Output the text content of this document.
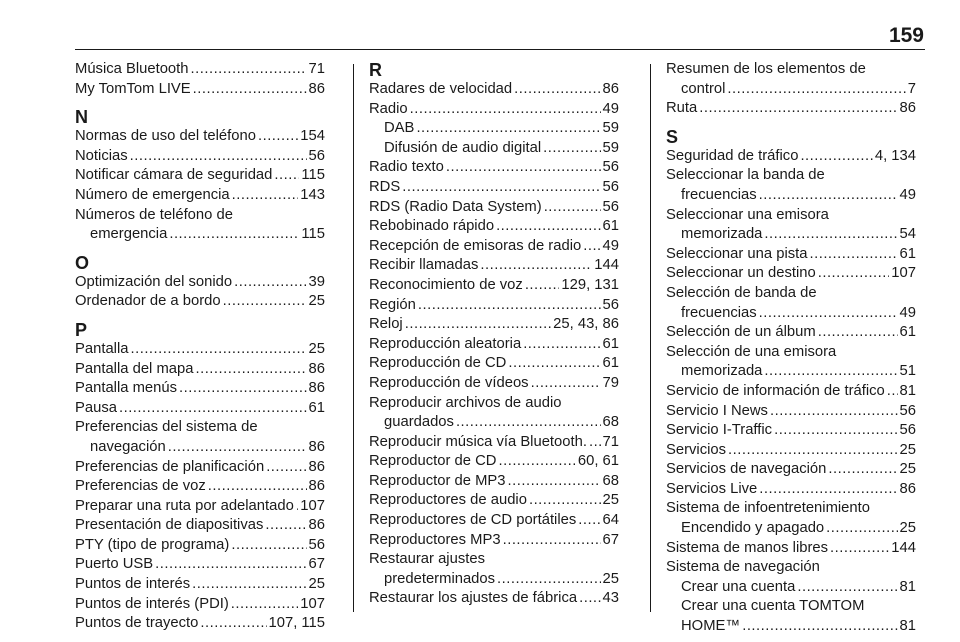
159
Música Bluetooth .....	71
My TomTom LIVE .....	86
N
Normas de uso del teléfono .....	154
Noticias .....	56
Notificar cámara de seguridad ..... 115
Número de emergencia .....	143
Números de teléfono de
emergencia .....	115
O
Optimización del sonido .....	39
Ordenador de a bordo .....	25
P
Pantalla .....	25
Pantalla del mapa .....	86
Pantalla menús .....	86
Pausa .....	61
Preferencias del sistema de
navegación .....	86
Preferencias de planificación .....	86
Preferencias de voz .....	86
Preparar una ruta por adelantado ..... 107
Presentación de diapositivas .....	86
PTY (tipo de programa) .....	56
Puerto USB .....	67
Puntos de interés .....	25
Puntos de interés (PDI) .....	107
Puntos de trayecto .....	107, 115
R
Radares de velocidad .....	86
Radio .....	49
DAB .....	59
Difusión de audio digital .....	59
Radio texto .....	56
RDS .....	56
RDS (Radio Data System) .....	56
Rebobinado rápido .....	61
Recepción de emisoras de radio ..... 49
Recibir llamadas .....	144
Reconocimiento de voz .....	129, 131
Región .....	56
Reloj .....	25, 43, 86
Reproducción aleatoria .....	61
Reproducción de CD .....	61
Reproducción de vídeos .....	79
Reproducir archivos de audio
guardados .....	68
Reproducir música vía Bluetooth. ..... 71
Reproductor de CD .....	60, 61
Reproductor de MP3 .....	68
Reproductores de audio .....	25
Reproductores de CD portátiles ..... 64
Reproductores MP3 .....	67
Restaurar ajustes
predeterminados .....	25
Restaurar los ajustes de fábrica ..... 43
Resumen de los elementos de
control .....	7
Ruta .....	86
S
Seguridad de tráfico .....	4, 134
Seleccionar la banda de
frecuencias .....	49
Seleccionar una emisora
memorizada .....	54
Seleccionar una pista .....	61
Seleccionar un destino .....	107
Selección de banda de
frecuencias .....	49
Selección de un álbum .....	61
Selección de una emisora
memorizada .....	51
Servicio de información de tráfico ..... 81
Servicio I News .....	56
Servicio I-Traffic .....	56
Servicios .....	25
Servicios de navegación .....	25
Servicios Live .....	86
Sistema de infoentretenimiento
Encendido y apagado .....	25
Sistema de manos libres .....	144
Sistema de navegación
Crear una cuenta .....	81
Crear una cuenta TOMTOM
HOME™ .....	81
